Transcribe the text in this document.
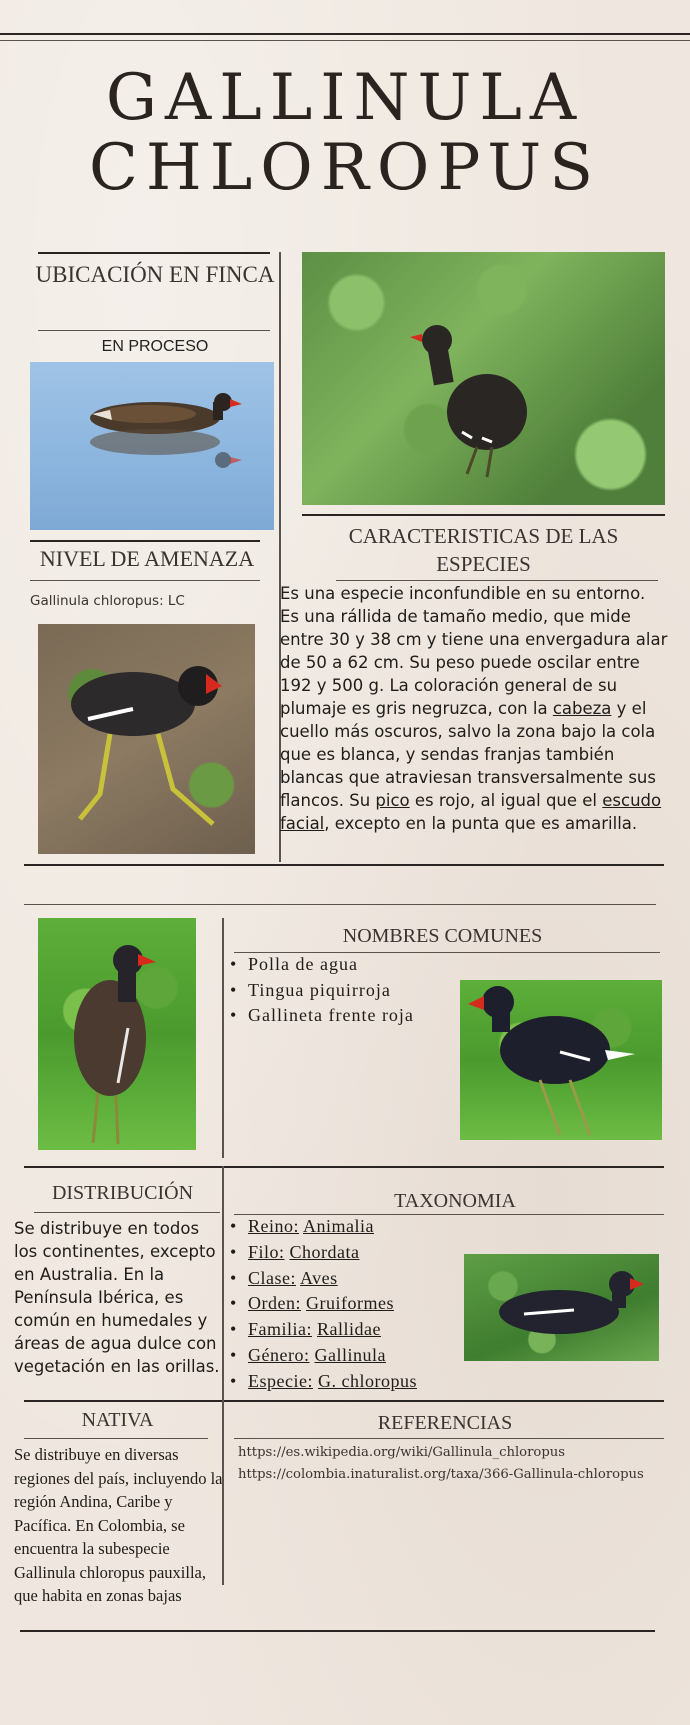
GALLINULA
CHLOROPUS
UBICACIÓN EN FINCA
EN PROCESO
CARACTERISTICAS DE LAS ESPECIES
NIVEL DE AMENAZA
Gallinula chloropus: LC	Es una especie inconfundible en su entorno. Es una rállida de tamaño medio, que mide entre 30 y 38 cm y tiene una envergadura alar de 50 a 62 cm. Su peso puede oscilar entre 192 y 500 g. La coloración general de su plumaje es gris negruzca, con la cabeza y el cuello más oscuros, salvo la zona bajo la cola que es blanca, y sendas franjas también blancas que atraviesan transversalmente sus flancos. Su pico es rojo, al igual que el escudo facial, excepto en la punta que es amarilla.
NOMBRES COMUNES
• Polla de agua
• Tingua piquirroja
• Gallineta frente roja
DISTRIBUCIÓN
Se distribuye en todos los continentes, excepto en Australia. En la Península Ibérica, es común en humedales y áreas de agua dulce con vegetación en las orillas.
TAXONOMIA
• Reino: Animalia
• Filo: Chordata
• Clase: Aves
• Orden: Gruiformes
• Familia: Rallidae
• Género: Gallinula
• Especie: G. chloropus
NATIVA
Se distribuye en diversas regiones del país, incluyendo la región Andina, Caribe y Pacífica. En Colombia, se encuentra la subespecie Gallinula chloropus pauxilla, que habita en zonas bajas
REFERENCIAS
https://es.wikipedia.org/wiki/Gallinula_chloropus
https://colombia.inaturalist.org/taxa/366-Gallinula-chloropus
